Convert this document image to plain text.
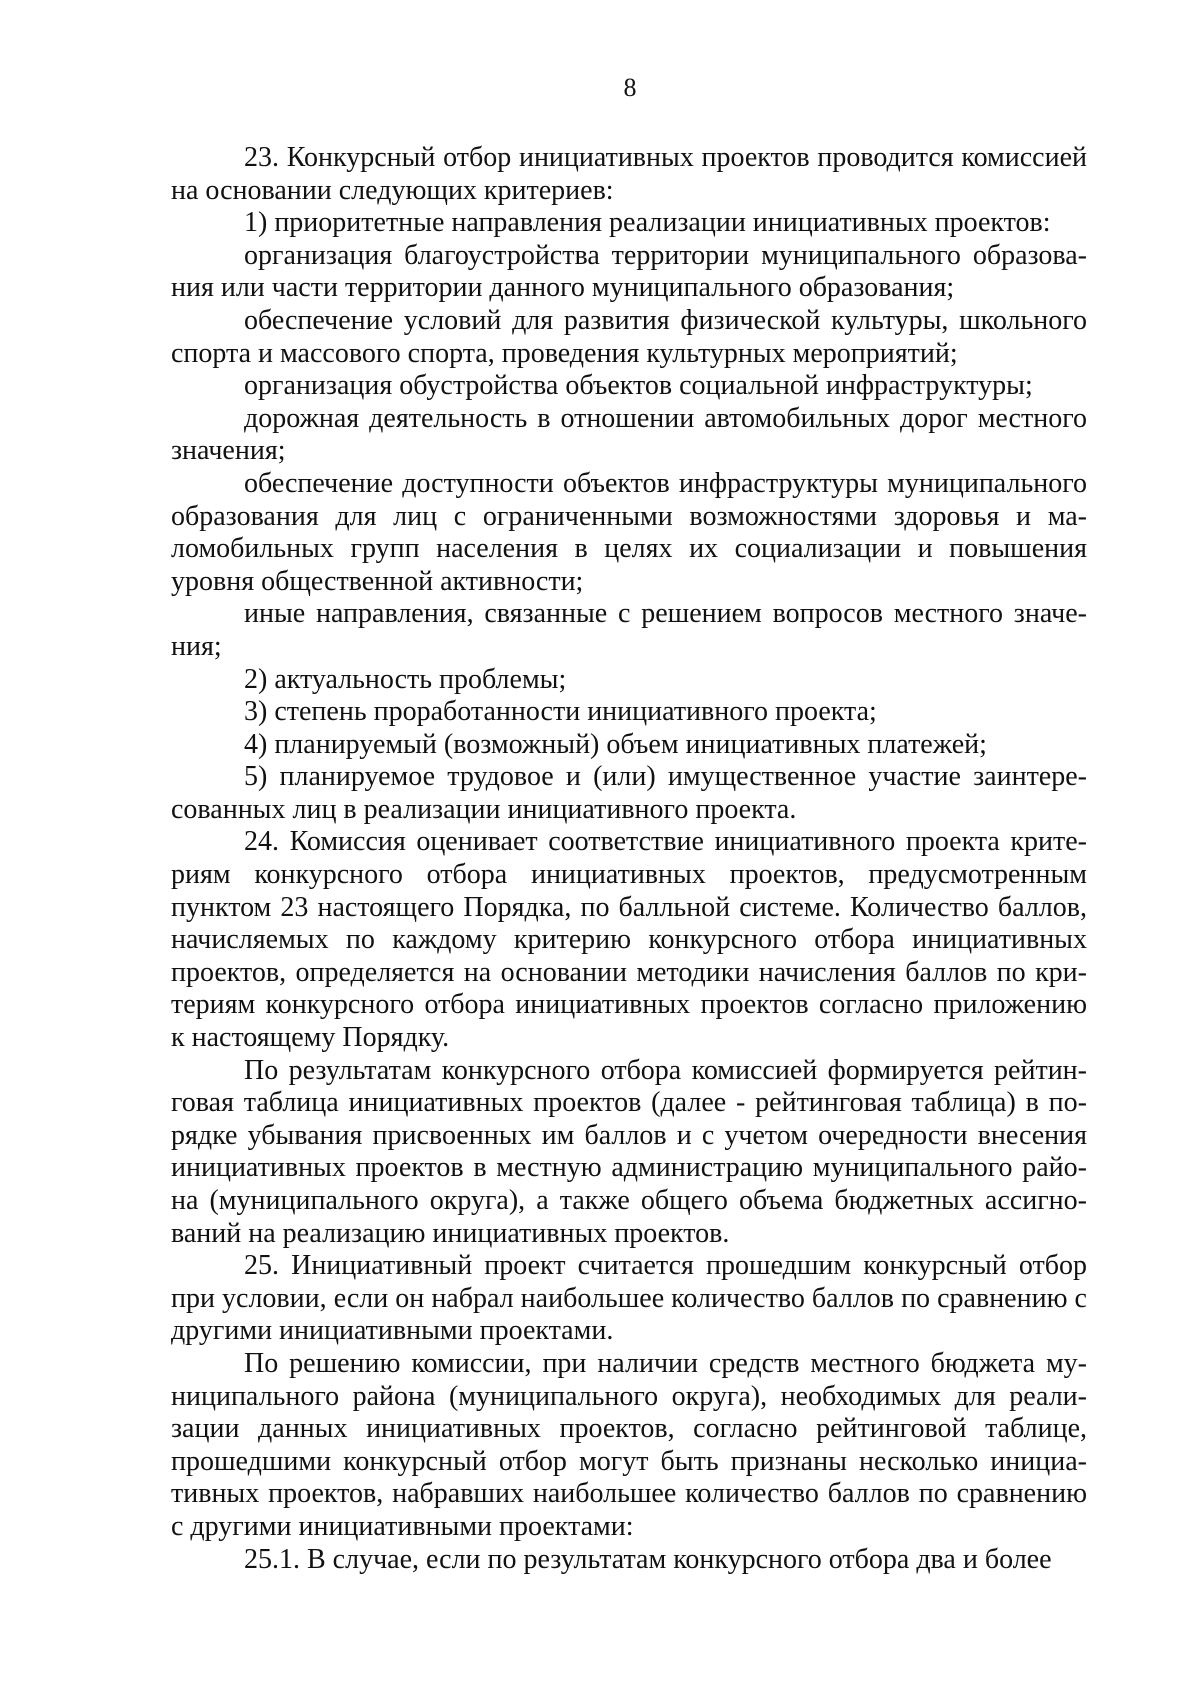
8

23. Конкурсный отбор инициативных проектов проводится комиссией на основании следующих критериев:

1) приоритетные направления реализации инициативных проектов:

организация благоустройства территории муниципального образования или части территории данного муниципального образования;

обеспечение условий для развития физической культуры, школьного спорта и массового спорта, проведения культурных мероприятий;

организация обустройства объектов социальной инфраструктуры;

дорожная деятельность в отношении автомобильных дорог местного значения;

обеспечение доступности объектов инфраструктуры муниципального образования для лиц с ограниченными возможностями здоровья и маломобильных групп населения в целях их социализации и повышения уровня общественной активности;

иные направления, связанные с решением вопросов местного значения;

2) актуальность проблемы;

3) степень проработанности инициативного проекта;

4) планируемый (возможный) объем инициативных платежей;

5) планируемое трудовое и (или) имущественное участие заинтересованных лиц в реализации инициативного проекта.

24. Комиссия оценивает соответствие инициативного проекта критериям конкурсного отбора инициативных проектов, предусмотренным пунктом 23 настоящего Порядка, по балльной системе. Количество баллов, начисляемых по каждому критерию конкурсного отбора инициативных проектов, определяется на основании методики начисления баллов по критериям конкурсного отбора инициативных проектов согласно приложению к настоящему Порядку.

По результатам конкурсного отбора комиссией формируется рейтинговая таблица инициативных проектов (далее - рейтинговая таблица) в порядке убывания присвоенных им баллов и с учетом очередности внесения инициативных проектов в местную администрацию муниципального района (муниципального округа), а также общего объема бюджетных ассигнований на реализацию инициативных проектов.

25. Инициативный проект считается прошедшим конкурсный отбор при условии, если он набрал наибольшее количество баллов по сравнению с другими инициативными проектами.

По решению комиссии, при наличии средств местного бюджета муниципального района (муниципального округа), необходимых для реализации данных инициативных проектов, согласно рейтинговой таблице, прошедшими конкурсный отбор могут быть признаны несколько инициативных проектов, набравших наибольшее количество баллов по сравнению с другими инициативными проектами:

25.1. В случае, если по результатам конкурсного отбора два и более
